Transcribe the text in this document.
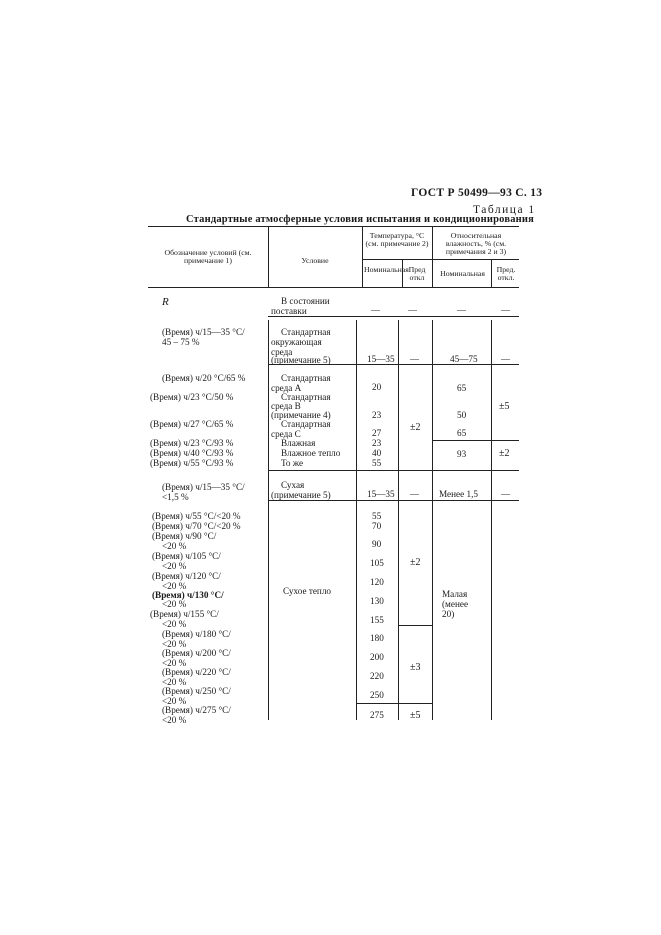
ГОСТ Р 50499—93 С. 13
Таблица 1
Стандартные атмосферные условия испытания и кондиционирования
Обозначение условий (см. примечание 1)	Условие
Температура, °С (см. примечание 2)
Номинальная Пред откл
Относительная влажность, % (см. примечания 2 и 3)
Номинальная	Пред. откл.
R
(Время) ч/15—35 °С/
45 – 75 %
(Время) ч/20 °С/65 %
(Время) ч/23 °С/50 %
(Время) ч/27 °С/65 %
(Время) ч/23 °С/93 %
(Время) ч/40 °С/93 %
(Время) ч/55 °С/93 %
(Время) ч/15—35 °С/
<1,5 %
(Время) ч/55 °С/<20 %
(Время) ч/70 °С/<20 %
(Время) ч/90 °С/
<20 %
(Время) ч/105 °С/
<20 %
(Время) ч/120 °С/
<20 %
(Время) ч/130 °С/
<20 %
(Время) ч/155 °С/
<20 %
(Время) ч/180 °С/
<20 %
(Время) ч/200 °С/
<20 %
(Время) ч/220 °С/
<20 %
(Время) ч/250 °С/
<20 %
(Время) ч/275 °С/
<20 %
В состоянии
поставки
Стандартная
окружающая
среда
(примечание 5)
Стандартная
среда А
Стандартная
среда В
(примечание 4)
Стандартная
среда С
Влажная
Влажное тепло
То же
Сухая
(примечание 5)
Сухое тепло
—
15—35
20
23
27
23
40
55
15—35
55
70
90
105
120
130
155
180
200
220
250
275
—
—
±2
—
±2
±3
±5
—
45—75
65
50
65
93
Менее 1,5
Малая
(менее
20)
—
—
±5
±2
—
